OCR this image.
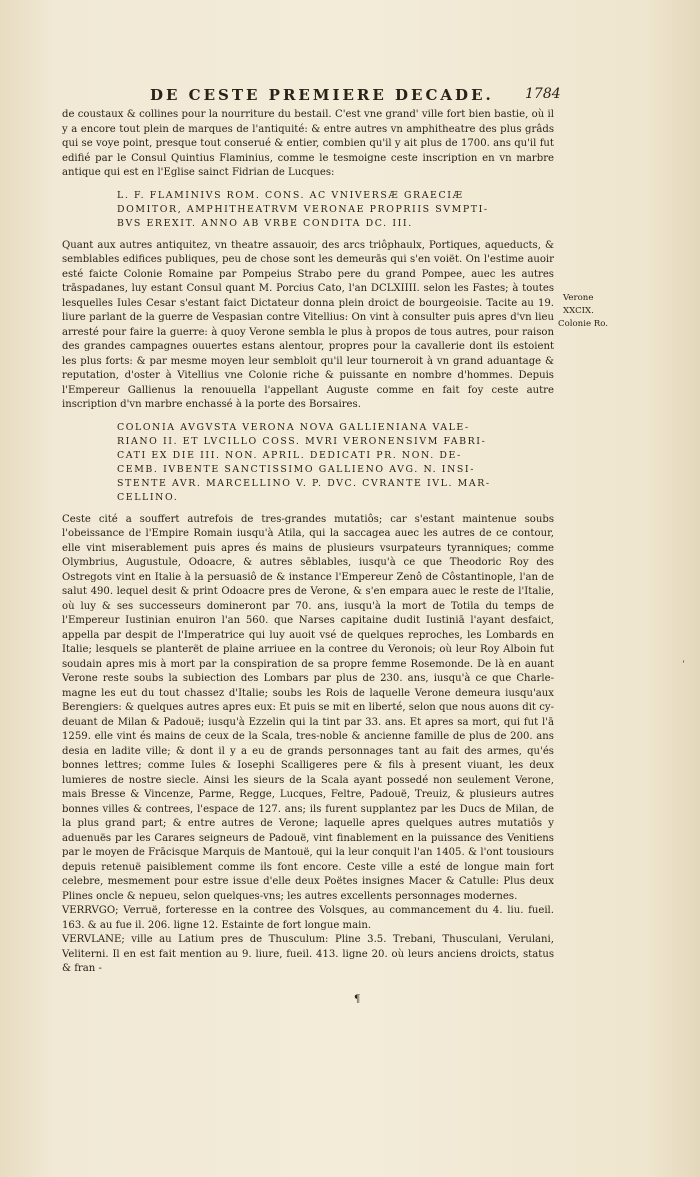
DE CESTE PREMIERE DECADE.	1784

de coustaux & collines pour la nourriture du bestail. C'est vne grand' ville fort bien bastie, où il y a encore tout plein de marques de l'antiquité: & entre autres vn amphitheatre des plus grâds qui se voye point, presque tout conserué & entier, combien qu'il y ait plus de 1700. ans qu'il fut edifié par le Consul Quintius Flaminius, comme le tesmoigne ceste inscription en vn marbre antique qui est en l'Eglise sainct Fidrian de Lucques:

L. F. FLAMINIVS ROM. CONS. AC VNIVERSÆ GRAECIÆ
DOMITOR, AMPHITHEATRVM VERONAE PROPRIIS SVMPTI-
BVS EREXIT. ANNO AB VRBE CONDITA DC. III.

Quant aux autres antiquitez, vn theatre assauoir, des arcs triôphaulx, Portiques, aqueducts, & semblables edifices publiques, peu de chose sont les demeurās qui s'en voiët. On l'estime auoir esté faicte Colonie Romaine par Pompeius Strabo pere du grand Pompee, auec les autres trāspadanes, luy estant Consul quant M. Porcius Cato, l'an DCLXIIII. selon les Fastes; à toutes lesquelles Iules Cesar s'estant faict Dictateur donna plein droict de bourgeoisie. Tacite au 19. liure parlant de la guerre de Vespasian contre Vitellius: On vint à consulter puis apres d'vn lieu arresté pour faire la guerre: à quoy Verone sembla le plus à propos de tous autres, pour raison des grandes campagnes ouuertes estans alentour, propres pour la cavallerie dont ils estoient les plus forts: & par mesme moyen leur sembloit qu'il leur tourneroit à vn grand aduantage & reputation, d'oster à Vitellius vne Colonie riche & puissante en nombre d'hommes. Depuis l'Empereur Gallienus la renouuella l'appellant Auguste comme en fait foy ceste autre inscription d'vn marbre enchassé à la porte des Borsaires.

COLONIA AVGVSTA VERONA NOVA GALLIENIANA VALE-
RIANO II. ET LVCILLO COSS. MVRI VERONENSIVM FABRI-
CATI EX DIE III. NON. APRIL. DEDICATI PR. NON. DE-
CEMB. IVBENTE SANCTISSIMO GALLIENO AVG. N. INSI-
STENTE AVR. MARCELLINO V. P. DVC. CVRANTE IVL. MAR-
CELLINO.

Ceste cité a souffert autrefois de tres-grandes mutatiôs; car s'estant maintenue soubs l'obeissance de l'Empire Romain iusqu'à Atila, qui la saccagea auec les autres de ce contour, elle vint miserablement puis apres és mains de plusieurs vsurpateurs tyranniques; comme Olymbrius, Augustule, Odoacre, & autres sēblables, iusqu'à ce que Theodoric Roy des Ostregots vint en Italie à la persuasiô de & instance l'Empereur Zenô de Côstantinople, l'an de salut 490. lequel desit & print Odoacre pres de Verone, & s'en empara auec le reste de l'Italie, où luy & ses successeurs domineront par 70. ans, iusqu'à la mort de Totila du temps de l'Empereur Iustinian enuiron l'an 560. que Narses capitaine dudit Iustiniā l'ayant desfaict, appella par despit de l'Imperatrice qui luy auoit vsé de quelques reproches, les Lombards en Italie; lesquels se planterët de plaine arriuee en la contree du Veronois; où leur Roy Alboin fut soudain apres mis à mort par la conspiration de sa propre femme Rosemonde. De là en auant Verone reste soubs la subiection des Lombars par plus de 230. ans, iusqu'à ce que Charle-magne les eut du tout chassez d'Italie; soubs les Rois de laquelle Verone demeura iusqu'aux Berengiers: & quelques autres apres eux: Et puis se mit en liberté, selon que nous auons dit cy-deuant de Milan & Padouë; iusqu'à Ezzelin qui la tint par 33. ans. Et apres sa mort, qui fut l'ā 1259. elle vint és mains de ceux de la Scala, tres-noble & ancienne famille de plus de 200. ans desia en ladite ville; & dont il y a eu de grands personnages tant au fait des armes, qu'és bonnes lettres; comme Iules & Iosephi Scalligeres pere & fils à present viuant, les deux lumieres de nostre siecle. Ainsi les sieurs de la Scala ayant possedé non seulement Verone, mais Bresse & Vincenze, Parme, Regge, Lucques, Feltre, Padouë, Treuiz, & plusieurs autres bonnes villes & contrees, l'espace de 127. ans; ils furent supplantez par les Ducs de Milan, de la plus grand part; & entre autres de Verone; laquelle apres quelques autres mutatiôs y aduenuës par les Carares seigneurs de Padouë, vint finablement en la puissance des Venitiens par le moyen de Frācisque Marquis de Mantouë, qui la leur conquit l'an 1405. & l'ont tousiours depuis retenuë paisiblement comme ils font encore. Ceste ville a esté de longue main fort celebre, mesmement pour estre issue d'elle deux Poëtes insignes Macer & Catulle: Plus deux Plines oncle & nepueu, selon quelques-vns; les autres excellents personnages modernes.

VERRVGO; Verruë, forteresse en la contree des Volsques, au commancement du 4. liu. fueil. 163. & au fue il. 206. ligne 12. Estainte de fort longue main.

VERVLANE; ville au Latium pres de Thusculum: Pline 3.5. Trebani, Thusculani, Verulani, Veliterni. Il en est fait mention au 9. liure, fueil. 413. ligne 20. où leurs anciens droicts, status & fran -

Verone
XXCIX.
Colonie Ro.
¶
ʼ
